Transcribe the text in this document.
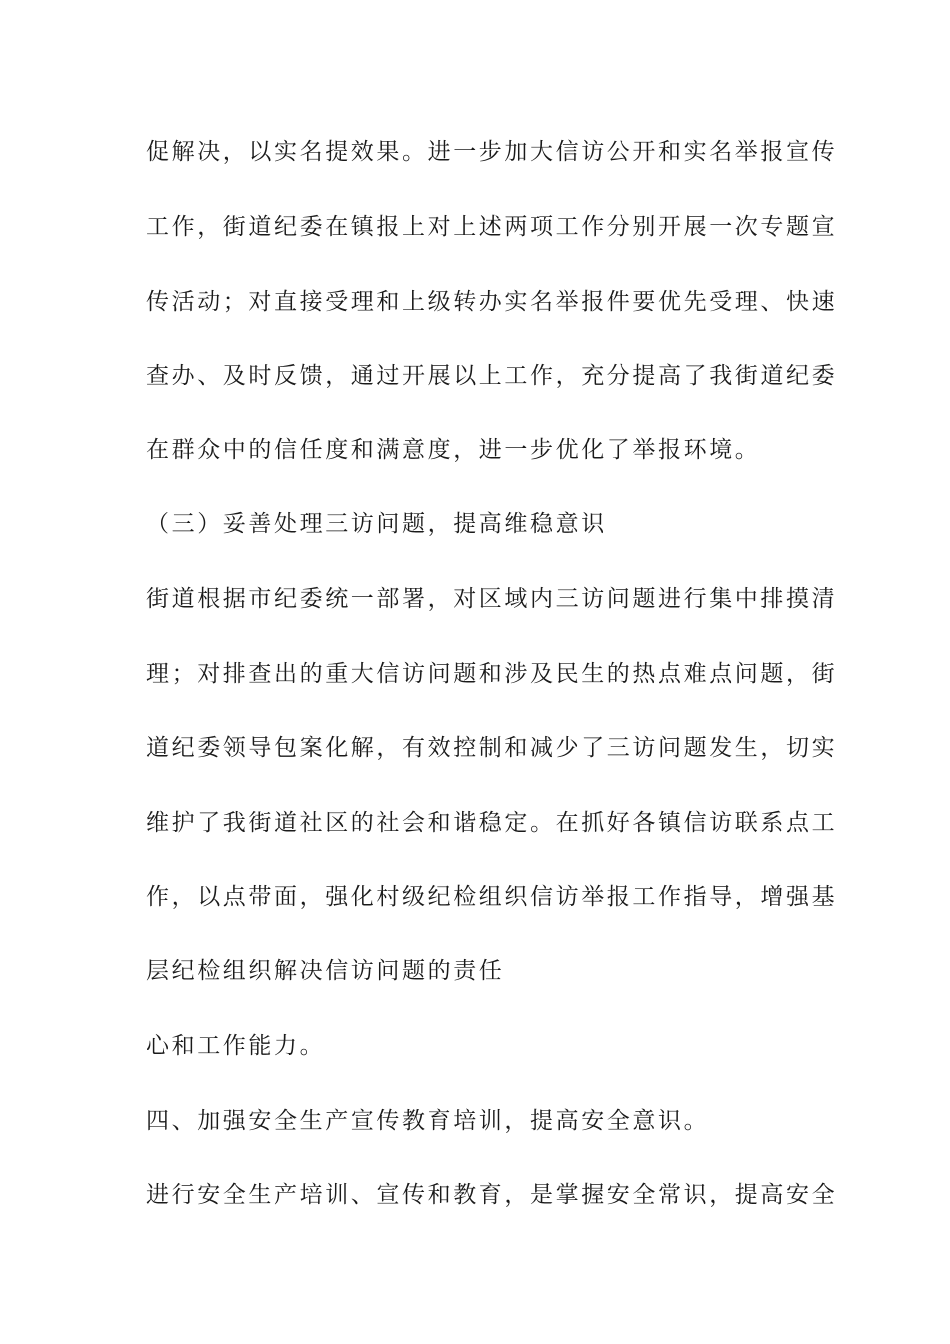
促解决，以实名提效果。进一步加大信访公开和实名举报宣传
工作，街道纪委在镇报上对上述两项工作分别开展一次专题宣
传活动；对直接受理和上级转办实名举报件要优先受理、快速
查办、及时反馈，通过开展以上工作，充分提高了我街道纪委
在群众中的信任度和满意度，进一步优化了举报环境。
（三）妥善处理三访问题，提高维稳意识
街道根据市纪委统一部署，对区域内三访问题进行集中排摸清
理；对排查出的重大信访问题和涉及民生的热点难点问题，街
道纪委领导包案化解，有效控制和减少了三访问题发生，切实
维护了我街道社区的社会和谐稳定。在抓好各镇信访联系点工
作，以点带面，强化村级纪检组织信访举报工作指导，增强基
层纪检组织解决信访问题的责任
心和工作能力。
四、加强安全生产宣传教育培训，提高安全意识。
进行安全生产培训、宣传和教育，是掌握安全常识，提高安全
